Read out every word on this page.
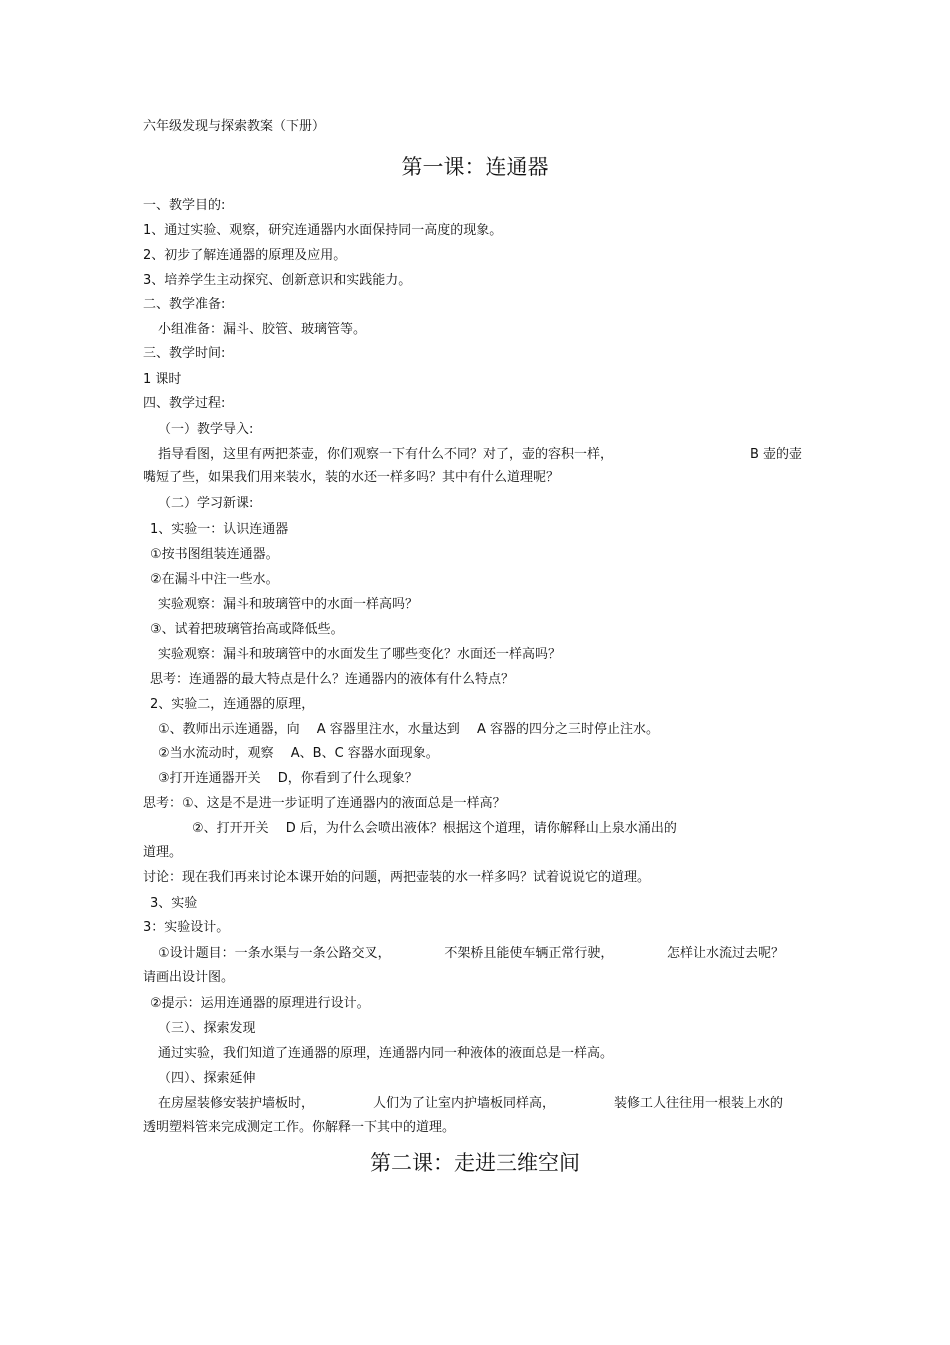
六年级发现与探索教案（下册）
第一课：连通器
一、教学目的:
1、通过实验、观察，研究连通器内水面保持同一高度的现象。
2、初步了解连通器的原理及应用。
3、培养学生主动探究、创新意识和实践能力。
二、教学准备:
小组准备：漏斗、胶管、玻璃管等。
三、教学时间:
1 课时
四、教学过程:
（一）教学导入:
指导看图，这里有两把茶壶，你们观察一下有什么不同？对了，壶的容积一样，	B 壶的壶
嘴短了些，如果我们用来装水，装的水还一样多吗？其中有什么道理呢？
（二）学习新课:
1、实验一：认识连通器
①按书图组装连通器。
②在漏斗中注一些水。
实验观察：漏斗和玻璃管中的水面一样高吗？
③、试着把玻璃管抬高或降低些。
实验观察：漏斗和玻璃管中的水面发生了哪些变化？水面还一样高吗？
思考：连通器的最大特点是什么？连通器内的液体有什么特点？
2、实验二，连通器的原理，
①、教师出示连通器，向　 A 容器里注水，水量达到　 A 容器的四分之三时停止注水。
②当水流动时，观察　 A、B、C 容器水面现象。
③打开连通器开关　 D，你看到了什么现象？
思考：①、这是不是进一步证明了连通器内的液面总是一样高？
②、打开开关　 D 后，为什么会喷出液体？根据这个道理，请你解释山上泉水涌出的
道理。
讨论：现在我们再来讨论本课开始的问题，两把壶装的水一样多吗？试着说说它的道理。
3、实验
3：实验设计。
①设计题目：一条水渠与一条公路交叉，	不架桥且能使车辆正常行驶，	怎样让水流过去呢？
请画出设计图。
②提示：运用连通器的原理进行设计。
（三）、探索发现
通过实验，我们知道了连通器的原理，连通器内同一种液体的液面总是一样高。
（四）、探索延伸
在房屋装修安装护墙板时，	人们为了让室内护墙板同样高，	装修工人往往用一根装上水的
透明塑料管来完成测定工作。你解释一下其中的道理。
第二课：走进三维空间
